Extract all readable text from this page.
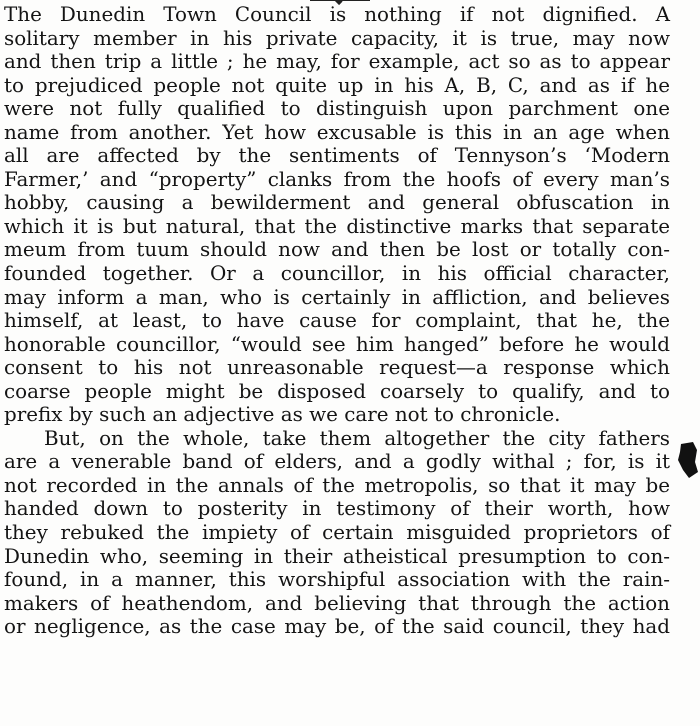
The Dunedin Town Council is nothing if not dignified. A
solitary member in his private capacity, it is true, may now
and then trip a little ; he may, for example, act so as to appear
to prejudiced people not quite up in his A, B, C, and as if he
were not fully qualified to distinguish upon parchment one
name from another. Yet how excusable is this in an age when
all are affected by the sentiments of Tennyson’s ‘Modern
Farmer,’ and “property” clanks from the hoofs of every man’s
hobby, causing a bewilderment and general obfuscation in
which it is but natural, that the distinctive marks that separate
meum from tuum should now and then be lost or totally con-
founded together. Or a councillor, in his official character,
may inform a man, who is certainly in affliction, and believes
himself, at least, to have cause for complaint, that he, the
honorable councillor, “would see him hanged” before he would
consent to his not unreasonable request—a response which
coarse people might be disposed coarsely to qualify, and to
prefix by such an adjective as we care not to chronicle.
But, on the whole, take them altogether the city fathers
are a venerable band of elders, and a godly withal ; for, is it
not recorded in the annals of the metropolis, so that it may be
handed down to posterity in testimony of their worth, how
they rebuked the impiety of certain misguided proprietors of
Dunedin who, seeming in their atheistical presumption to con-
found, in a manner, this worshipful association with the rain-
makers of heathendom, and believing that through the action
or negligence, as the case may be, of the said council, they had
